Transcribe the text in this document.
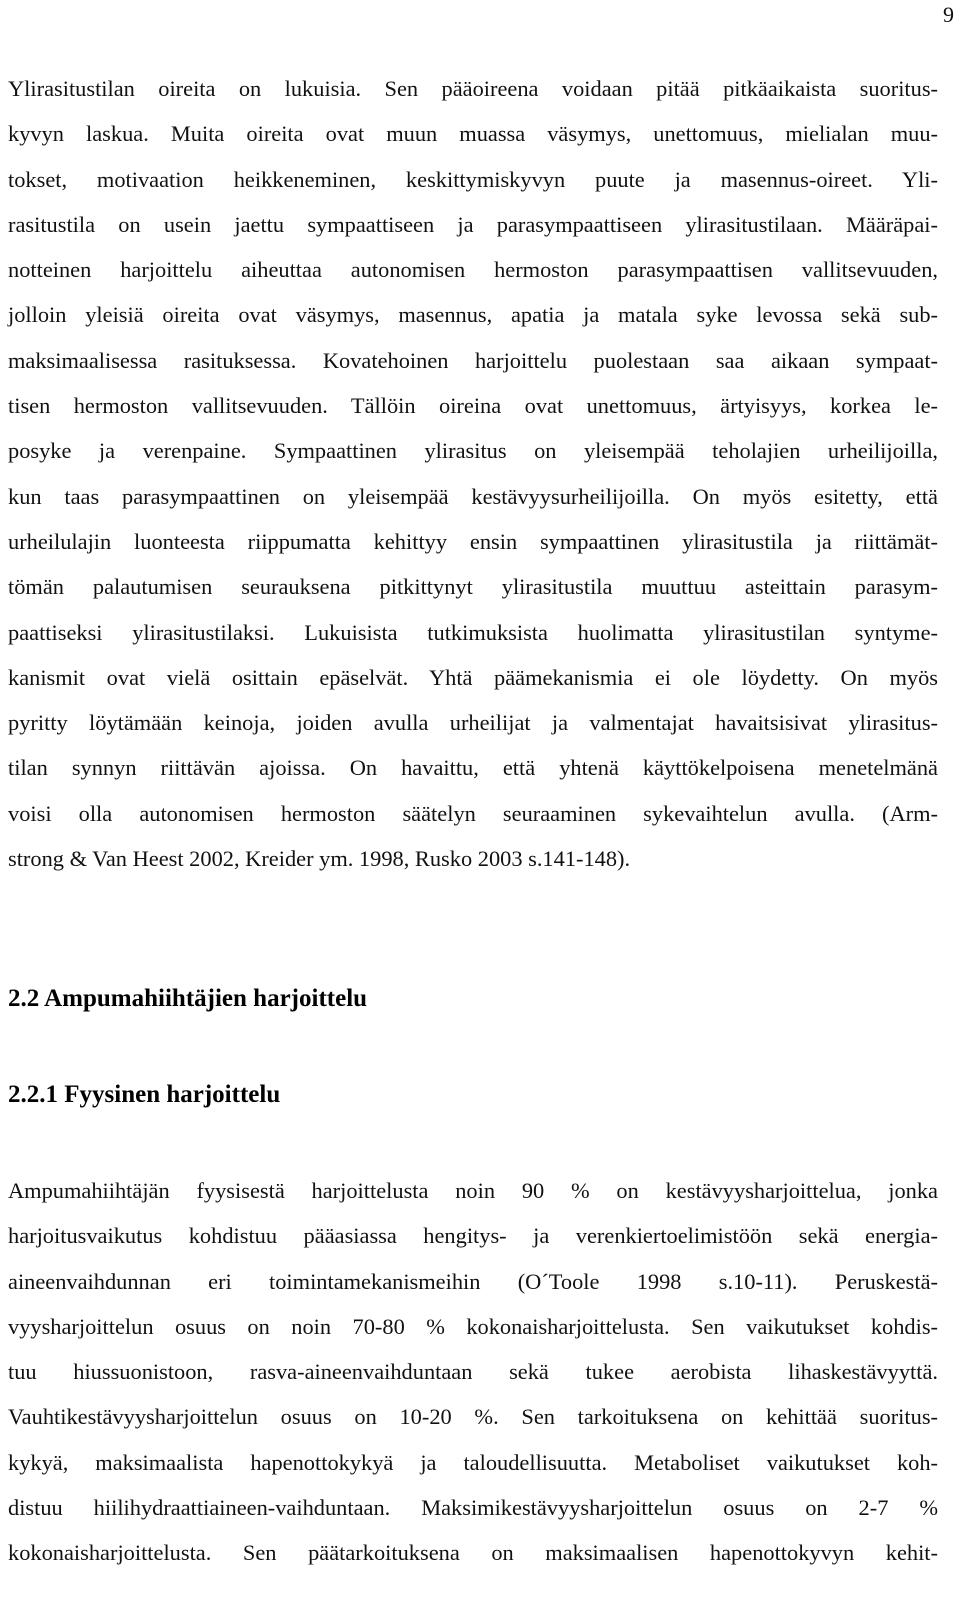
9
Ylirasitustilan oireita on lukuisia. Sen pääoireena voidaan pitää pitkäaikaista suoritus-
kyvyn laskua. Muita oireita ovat muun muassa väsymys, unettomuus, mielialan muu-
tokset, motivaation heikkeneminen, keskittymiskyvyn puute ja masennus-oireet. Yli-
rasitustila on usein jaettu sympaattiseen ja parasympaattiseen ylirasitustilaan. Määräpai-
notteinen harjoittelu aiheuttaa autonomisen hermoston parasympaattisen vallitsevuuden,
jolloin yleisiä oireita ovat väsymys, masennus, apatia ja matala syke levossa sekä sub-
maksimaalisessa rasituksessa. Kovatehoinen harjoittelu puolestaan saa aikaan sympaat-
tisen hermoston vallitsevuuden. Tällöin oireina ovat unettomuus, ärtyisyys, korkea le-
posyke ja verenpaine. Sympaattinen ylirasitus on yleisempää teholajien urheilijoilla,
kun taas parasympaattinen on yleisempää kestävyysurheilijoilla. On myös esitetty, että
urheilulajin luonteesta riippumatta kehittyy ensin sympaattinen ylirasitustila ja riittämät-
tömän palautumisen seurauksena pitkittynyt ylirasitustila muuttuu asteittain parasym-
paattiseksi ylirasitustilaksi. Lukuisista tutkimuksista huolimatta ylirasitustilan syntyme-
kanismit ovat vielä osittain epäselvät. Yhtä päämekanismia ei ole löydetty. On myös
pyritty löytämään keinoja, joiden avulla urheilijat ja valmentajat havaitsisivat ylirasitus-
tilan synnyn riittävän ajoissa. On havaittu, että yhtenä käyttökelpoisena menetelmänä
voisi olla autonomisen hermoston säätelyn seuraaminen sykevaihtelun avulla. (Arm-
strong & Van Heest 2002, Kreider ym. 1998, Rusko 2003 s.141-148).
2.2 Ampumahiihtäjien harjoittelu
2.2.1 Fyysinen harjoittelu
Ampumahiihtäjän fyysisestä harjoittelusta noin 90 % on kestävyysharjoittelua, jonka
harjoitusvaikutus kohdistuu pääasiassa hengitys- ja verenkiertoelimistöön sekä energia-
aineenvaihdunnan eri toimintamekanismeihin (O´Toole 1998 s.10-11). Peruskestä-
vyysharjoittelun osuus on noin 70-80 % kokonaisharjoittelusta. Sen vaikutukset kohdis-
tuu hiussuonistoon, rasva-aineenvaihduntaan sekä tukee aerobista lihaskestävyyttä.
Vauhtikestävyysharjoittelun osuus on 10-20 %. Sen tarkoituksena on kehittää suoritus-
kykyä, maksimaalista hapenottokykyä ja taloudellisuutta. Metaboliset vaikutukset koh-
distuu hiilihydraattiaineen-vaihduntaan. Maksimikestävyysharjoittelun osuus on 2-7 %
kokonaisharjoittelusta. Sen päätarkoituksena on maksimaalisen hapenottokyvyn kehit-
